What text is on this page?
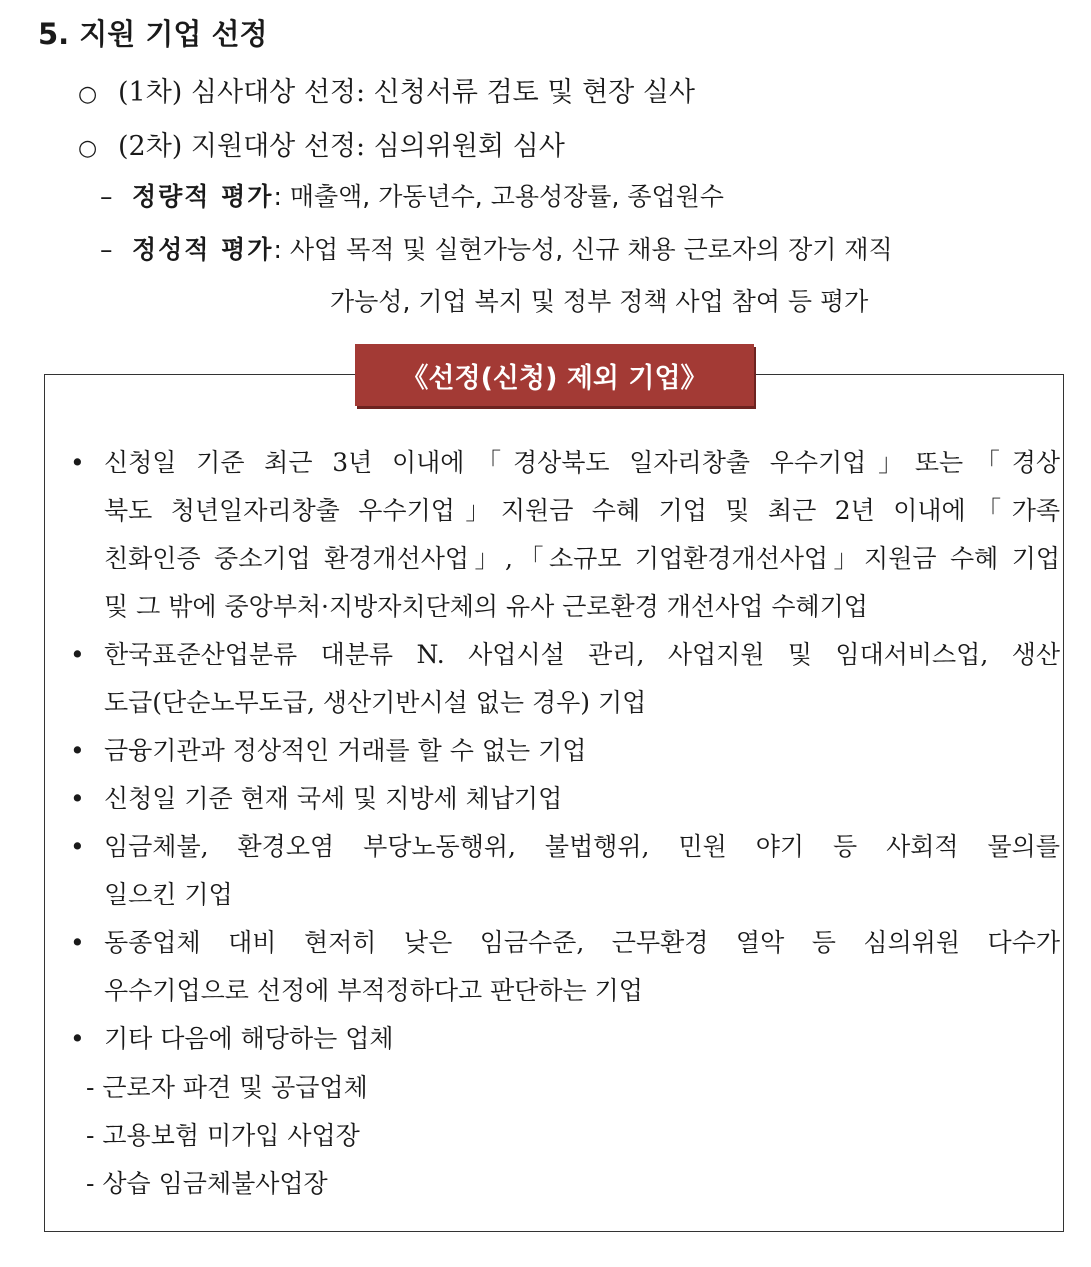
5. 지원 기업 선정
○ (1차) 심사대상 선정: 신청서류 검토 및 현장 실사
○ (2차) 지원대상 선정: 심의위원회 심사
– 정량적 평가: 매출액, 가동년수, 고용성장률, 종업원수
– 정성적 평가: 사업 목적 및 실현가능성, 신규 채용 근로자의 장기 재직
가능성, 기업 복지 및 정부 정책 사업 참여 등 평가
《선정(신청) 제외 기업》
• 신청일 기준 최근 3년 이내에「경상북도 일자리창출 우수기업」또는「경상
북도 청년일자리창출 우수기업」지원금 수혜 기업 및 최근 2년 이내에「가족
친화인증 중소기업 환경개선사업」,「소규모 기업환경개선사업」지원금 수혜 기업
및 그 밖에 중앙부처·지방자치단체의 유사 근로환경 개선사업 수혜기업
• 한국표준산업분류 대분류 N. 사업시설 관리, 사업지원 및 임대서비스업, 생산
도급(단순노무도급, 생산기반시설 없는 경우) 기업
• 금융기관과 정상적인 거래를 할 수 없는 기업
• 신청일 기준 현재 국세 및 지방세 체납기업
• 임금체불, 환경오염 부당노동행위, 불법행위, 민원 야기 등 사회적 물의를
일으킨 기업
• 동종업체 대비 현저히 낮은 임금수준, 근무환경 열악 등 심의위원 다수가
우수기업으로 선정에 부적정하다고 판단하는 기업
• 기타 다음에 해당하는 업체
- 근로자 파견 및 공급업체
- 고용보험 미가입 사업장
- 상습 임금체불사업장
